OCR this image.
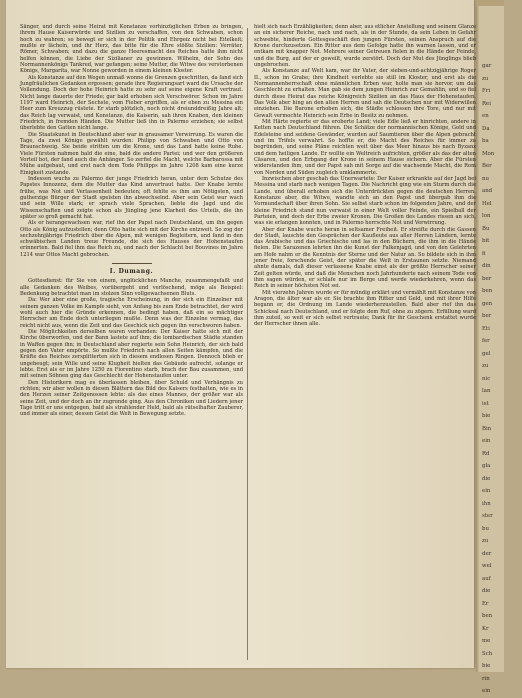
Sänger, und durch seine Heirat mit Konstanze vorhinzüglichen Erben zu bringen, ihrem Hause Kaiserwürde und Sizilien zu verschaffen, von den Schwaben, schon hoch zu wahren; so bewegt er sich in der Politik und Ehrgeiz nicht bei Eitelkeit; mußte er lächeln, und ihr Herz, das bitte für die Ehre stößte Sizilien: Verräter, Römer, Schwaben; und dazu die ganze Heeresmacht des Reiches hatte ihm nicht helfen können, die Liebe der Sizilianer zu gewinnen. Wilhelm, der Sohn des Normannenkönigs Tankred, war gefangen; seine Mutter, die Witwe des verstorbenen Königs, Margarita, war Nonne geworden in einem kleinen Kloster.

Als Konstanze auf den Wegen unmaß wonne die Grenzen geschritten, da fand sich Jungfräulichen Gedanken ergossen; gerade ihre Regierungsart ward die Ursache der Vollendung. Doch der hohe Heinrich hatte zu sehr auf seine eigene Kraft vertraut. Nicht lange dauerte der Friede; gar bald erhoben sich Verschwörer. Schon im Jahre 1197 ward Heinrich, der Sechste, vom Fieber ergriffen, als er eben zu Messina ein Heer zum Kreuzzug rüstete. Er starb plötzlich, noch nicht dreiunddreißig Jahre alt; das Reich lag verwaist, und Konstanze, die Kaiserin, sah ihren Knaben, den kleinen Friedrich, in fremden Händen. Die Mutter ließ ihn in Palermo erziehen; sie selbst überlebte den Gatten nicht lange.

Die Staatskunst in Deutschland aber war in grausamer Verwirrung. Es waren die Tage, da zwei Könige gewählt wurden: Philipp von Schwaben und Otto von Braunschweig. Sie beide stritten um die Krone, und das Land hatte keine Ruhe. Viele Fürsten nahmen bald die eine, bald die andere Partei; und wer den größeren Vorteil bot, der fand auch die Anhänger. So zerfiel die Macht, welche Barbarossa mit Mühe aufgebaut, und erst nach dem Tode Philipps im Jahre 1208 kam eine kurze Einigkeit zustande.

Indessen wuchs zu Palermo der junge Friedrich heran, unter dem Schutze des Papstes Innozenz, dem die Mutter das Kind anvertraut hatte. Der Knabe lernte frühe, was Not und Verlassenheit bedeuten; oft fehlte es ihm am Nötigsten, und gutherzige Bürger der Stadt speisten ihn abwechselnd. Aber sein Geist war wach und sein Wille stark; er sprach viele Sprachen, liebte die Jagd und die Wissenschaften und zeigte schon als Jüngling jene Klarheit des Urteils, die ihn später so groß gemacht hat.

Als er herangewachsen war, rief ihn der Papst nach Deutschland, um ihn gegen Otto als König aufzustellen; denn Otto hatte sich mit der Kirche entzweit. So zog der sechzehnjährige Friedrich über die Alpen, mit wenigen Begleitern, und fand in den schwäbischen Landen treue Freunde, die sich des Hauses der Hohenstaufen erinnerten. Bald fiel ihm das Reich zu, und nach der Schlacht bei Bouvines im Jahre 1214 war Ottos Macht gebrochen.

I. Dumang.

Gottesdienst: für Sie von einem, unglücklichen Manche, zusammengefaßt und alle Gedanken des Weibes, vorübergeht und verlöschend, möge als Beispiel: Bedenkung betrachtet man im stolzen Sinn vollgewachsenen Bluts.

Da: Wer aber eine große, tragische Erscheinung, in der sich ein Einzelner mit seinem ganzen Volke im Kampfe sieht, von Anfang bis zum Ende betrachtet, der wird wohl auch hier die Gründe erkennen, die bedingt haben, daß ein so mächtiger Herrscher am Ende doch unterliegen mußte. Denn was der Einzelne vermag, das reicht nicht aus, wenn die Zeit und das Geschick sich gegen ihn verschworen haben.

Die Möglichkeiten derselben waren vorhanden: Der Kaiser hatte sich mit der Kirche überworfen, und der Bann lastete auf ihm; die lombardischen Städte standen in Waffen gegen ihn; in Deutschland aber regierte sein Sohn Heinrich, der sich bald gegen den Vater empörte. So mußte Friedrich nach allen Seiten kämpfen, und die Kräfte des Reiches zersplitterten sich in diesem endlosen Ringen. Dennoch blieb er ungebeugt; sein Wille und seine Klugheit hielten das Gebäude aufrecht, solange er lebte. Erst als er im Jahre 1250 zu Fiorentino starb, brach der Bau zusammen, und mit seinen Söhnen ging das Geschlecht der Hohenstaufen unter.

Den Historikern mag es überlassen bleiben, über Schuld und Verhängnis zu richten; wir aber wollen in diesen Blättern das Bild des Kaisers festhalten, wie es in den Herzen seiner Zeitgenossen lebte: als das eines Mannes, der größer war als seine Zeit, und der doch an ihr zugrunde ging. Aus den Chroniken und Liedern jener Tage tritt er uns entgegen, bald als strahlender Held, bald als rätselhafter Zauberer, und immer als einer, dessen Geist die Welt in Bewegung setzte.

hielt sich nach Erzähligkeiten; denn aber, aus etlicher Anstellung und seinem Glanze an ein sicherer Reiche, nach und nach, als in der Stunde, da sein Leben in Gefahr schwebte, hinderte Gottesgeschäft den jungen Fürsten, seinen Anspruch auf die Krone durchzusetzen. Ein Ritter aus dem Gefolge hatte ihn warnen lassen, und er entkam mit knapper Not. Mehrere seiner Getreuen fielen in die Hände der Feinde, und die Burg, auf der er geweilt, wurde zerstört. Doch der Mut des Jünglings blieb ungebrochen.

Als Konstanze auf Welt kam, war ihr Vater, der sieben-und-achtzigjährige Roger II., schon im Grabe; ihre Kindheit verlebte sie still im Kloster, und erst als die Normannenherrschaft ohne männlichen Erben war, holte man sie hervor, um das Geschlecht zu erhalten. Man gab sie dem jungen Heinrich zur Gemahlin, und so fiel durch diese Heirat das reiche Königreich Sizilien an das Haus der Hohenstaufen. Das Volk aber hing an den alten Herren und sah die Deutschen nur mit Widerwillen einziehen. Die Barone erhoben sich, die Städte schlossen ihre Tore, und nur mit Gewalt vermochte Heinrich sein Erbe in Besitz zu nehmen.

Mit Härte regierte er das eroberte Land; viele Edle ließ er hinrichten, andere in Ketten nach Deutschland führen. Die Schätze der normannischen Könige, Gold und Edelsteine und seidene Gewänder, wurden auf Saumtieren über die Alpen gebracht und im Trifels verwahrt. So hoffte er, die Macht des Reiches für immer zu begründen, und seine Pläne reichten weit über das Meer hinaus bis nach Byzanz und dem heiligen Lande. Er wollte ein Weltreich aufrichten, größer als das der alten Cäsaren, und den Erbgang der Krone in seinem Hause sichern. Aber die Fürsten widerstanden ihm, und der Papst sah mit Sorge auf die wachsende Macht, die Rom von Norden und Süden zugleich umklammerte.

Inzwischen aber geschah das Unerwartete: Der Kaiser erkrankte auf der Jagd bei Messina und starb nach wenigen Tagen. Die Nachricht ging wie ein Sturm durch die Lande, und überall erhoben sich die Unterdrückten gegen die deutschen Herren. Konstanze aber, die Witwe, wandte sich an den Papst und übergab ihm die Vormundschaft über ihren Sohn. Sie selbst starb schon im folgenden Jahre, und der kleine Friedrich stand nun verwaist in einer Welt voller Feinde, ein Spielball der Parteien, und doch der Erbe zweier Kronen. Die Großen des Landes rissen an sich, was sie erlangen konnten, und in Palermo herrschte Not und Verwirrung.

Aber der Knabe wuchs heran in seltsamer Freiheit. Er streifte durch die Gassen der Stadt, lauschte den Gesprächen der Kaufleute aus aller Herren Ländern, lernte das Arabische und das Griechische und las in den Büchern, die ihm in die Hände fielen. Die Sarazenen lehrten ihn die Kunst der Falkenjagd, und von den Gelehrten am Hofe nahm er die Kenntnis der Sterne und der Natur an. So bildete sich in ihm jener freie, forschende Geist, der später die Welt in Erstaunen setzte. Niemand ahnte damals, daß dieser verlassene Knabe einst als der größte Herrscher seiner Zeit gelten würde, und daß die Menschen noch Jahrhunderte nach seinem Tode von ihm sagen würden, er schlafe nur im Berge und werde wiederkehren, wenn das Reich in seiner höchsten Not sei.

Mit vierzehn Jahren wurde er für mündig erklärt und vermählt mit Konstanze von Aragon, die älter war als er. Sie brachte ihm Ritter und Geld, und mit ihrer Hilfe begann er, die Ordnung im Lande wiederherzustellen. Bald aber rief ihn das Schicksal nach Deutschland, und er folgte dem Ruf, ohne zu zögern. Erfüllung ward ihm zuteil, so weit er sich selbst vertraute; Dank für ihr Geschenk erstattet wurde der Herrscher ihnen alle.

gar
zu
Fri
Rei
en
Da
ba
Mon
Ber
nu
and
Hel
lon
Bu
bit
fi
din
ber
ben
gen
ber
Eti
fer
gel
zu
nic
lan
ist
bie
Bin
ein
Rd
gla
die
ein
ihn
ster
bu
zu
der
wel
auf
die
Er
ben
Kr
me
Sch
bie
rin
ein
